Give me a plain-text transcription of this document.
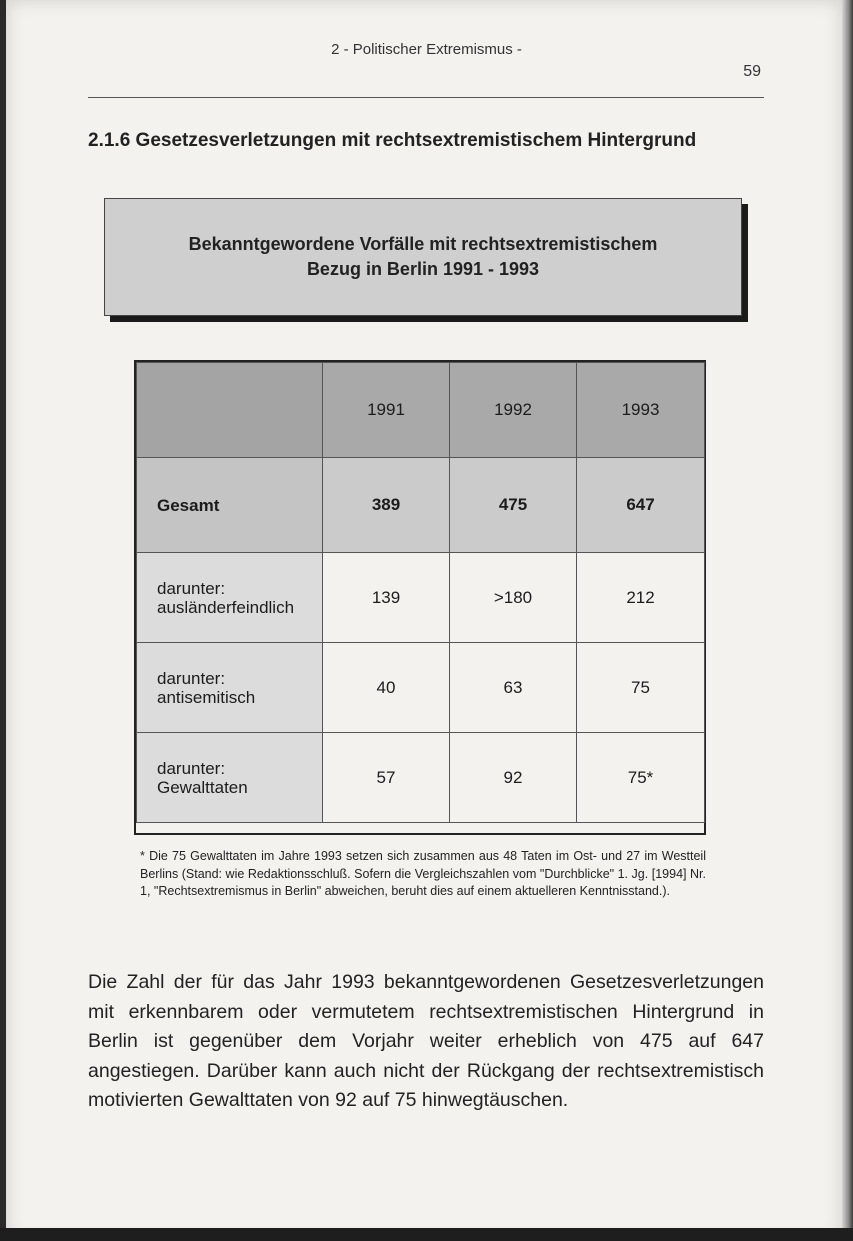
2 - Politischer Extremismus -
59
2.1.6 Gesetzesverletzungen mit rechtsextremistischem Hintergrund

Bekanntgewordene Vorfälle mit rechtsextremistischem
Bezug in Berlin 1991 - 1993

	1991	1992	1993

Gesamt	389	475	647

darunter:
ausländerfeindlich	139	>180	212

darunter:
antisemitisch	40	63	75

darunter:
Gewalttaten	57	92	75*
* Die 75 Gewalttaten im Jahre 1993 setzen sich zusammen aus 48 Taten im Ost- und 27 im Westteil Berlins (Stand: wie Redaktionsschluß. Sofern die Vergleichszahlen vom "Durchblicke" 1. Jg. [1994] Nr. 1, "Rechtsextremismus in Berlin" abweichen, beruht dies auf einem aktuelleren Kenntnisstand.).
Die Zahl der für das Jahr 1993 bekanntgewordenen Gesetzesverletzungen mit erkennbarem oder vermutetem rechtsextremistischen Hintergrund in Berlin ist gegenüber dem Vorjahr weiter erheblich von 475 auf 647 angestiegen. Darüber kann auch nicht der Rückgang der rechtsextremistisch motivierten Gewalttaten von 92 auf 75 hinwegtäuschen.
